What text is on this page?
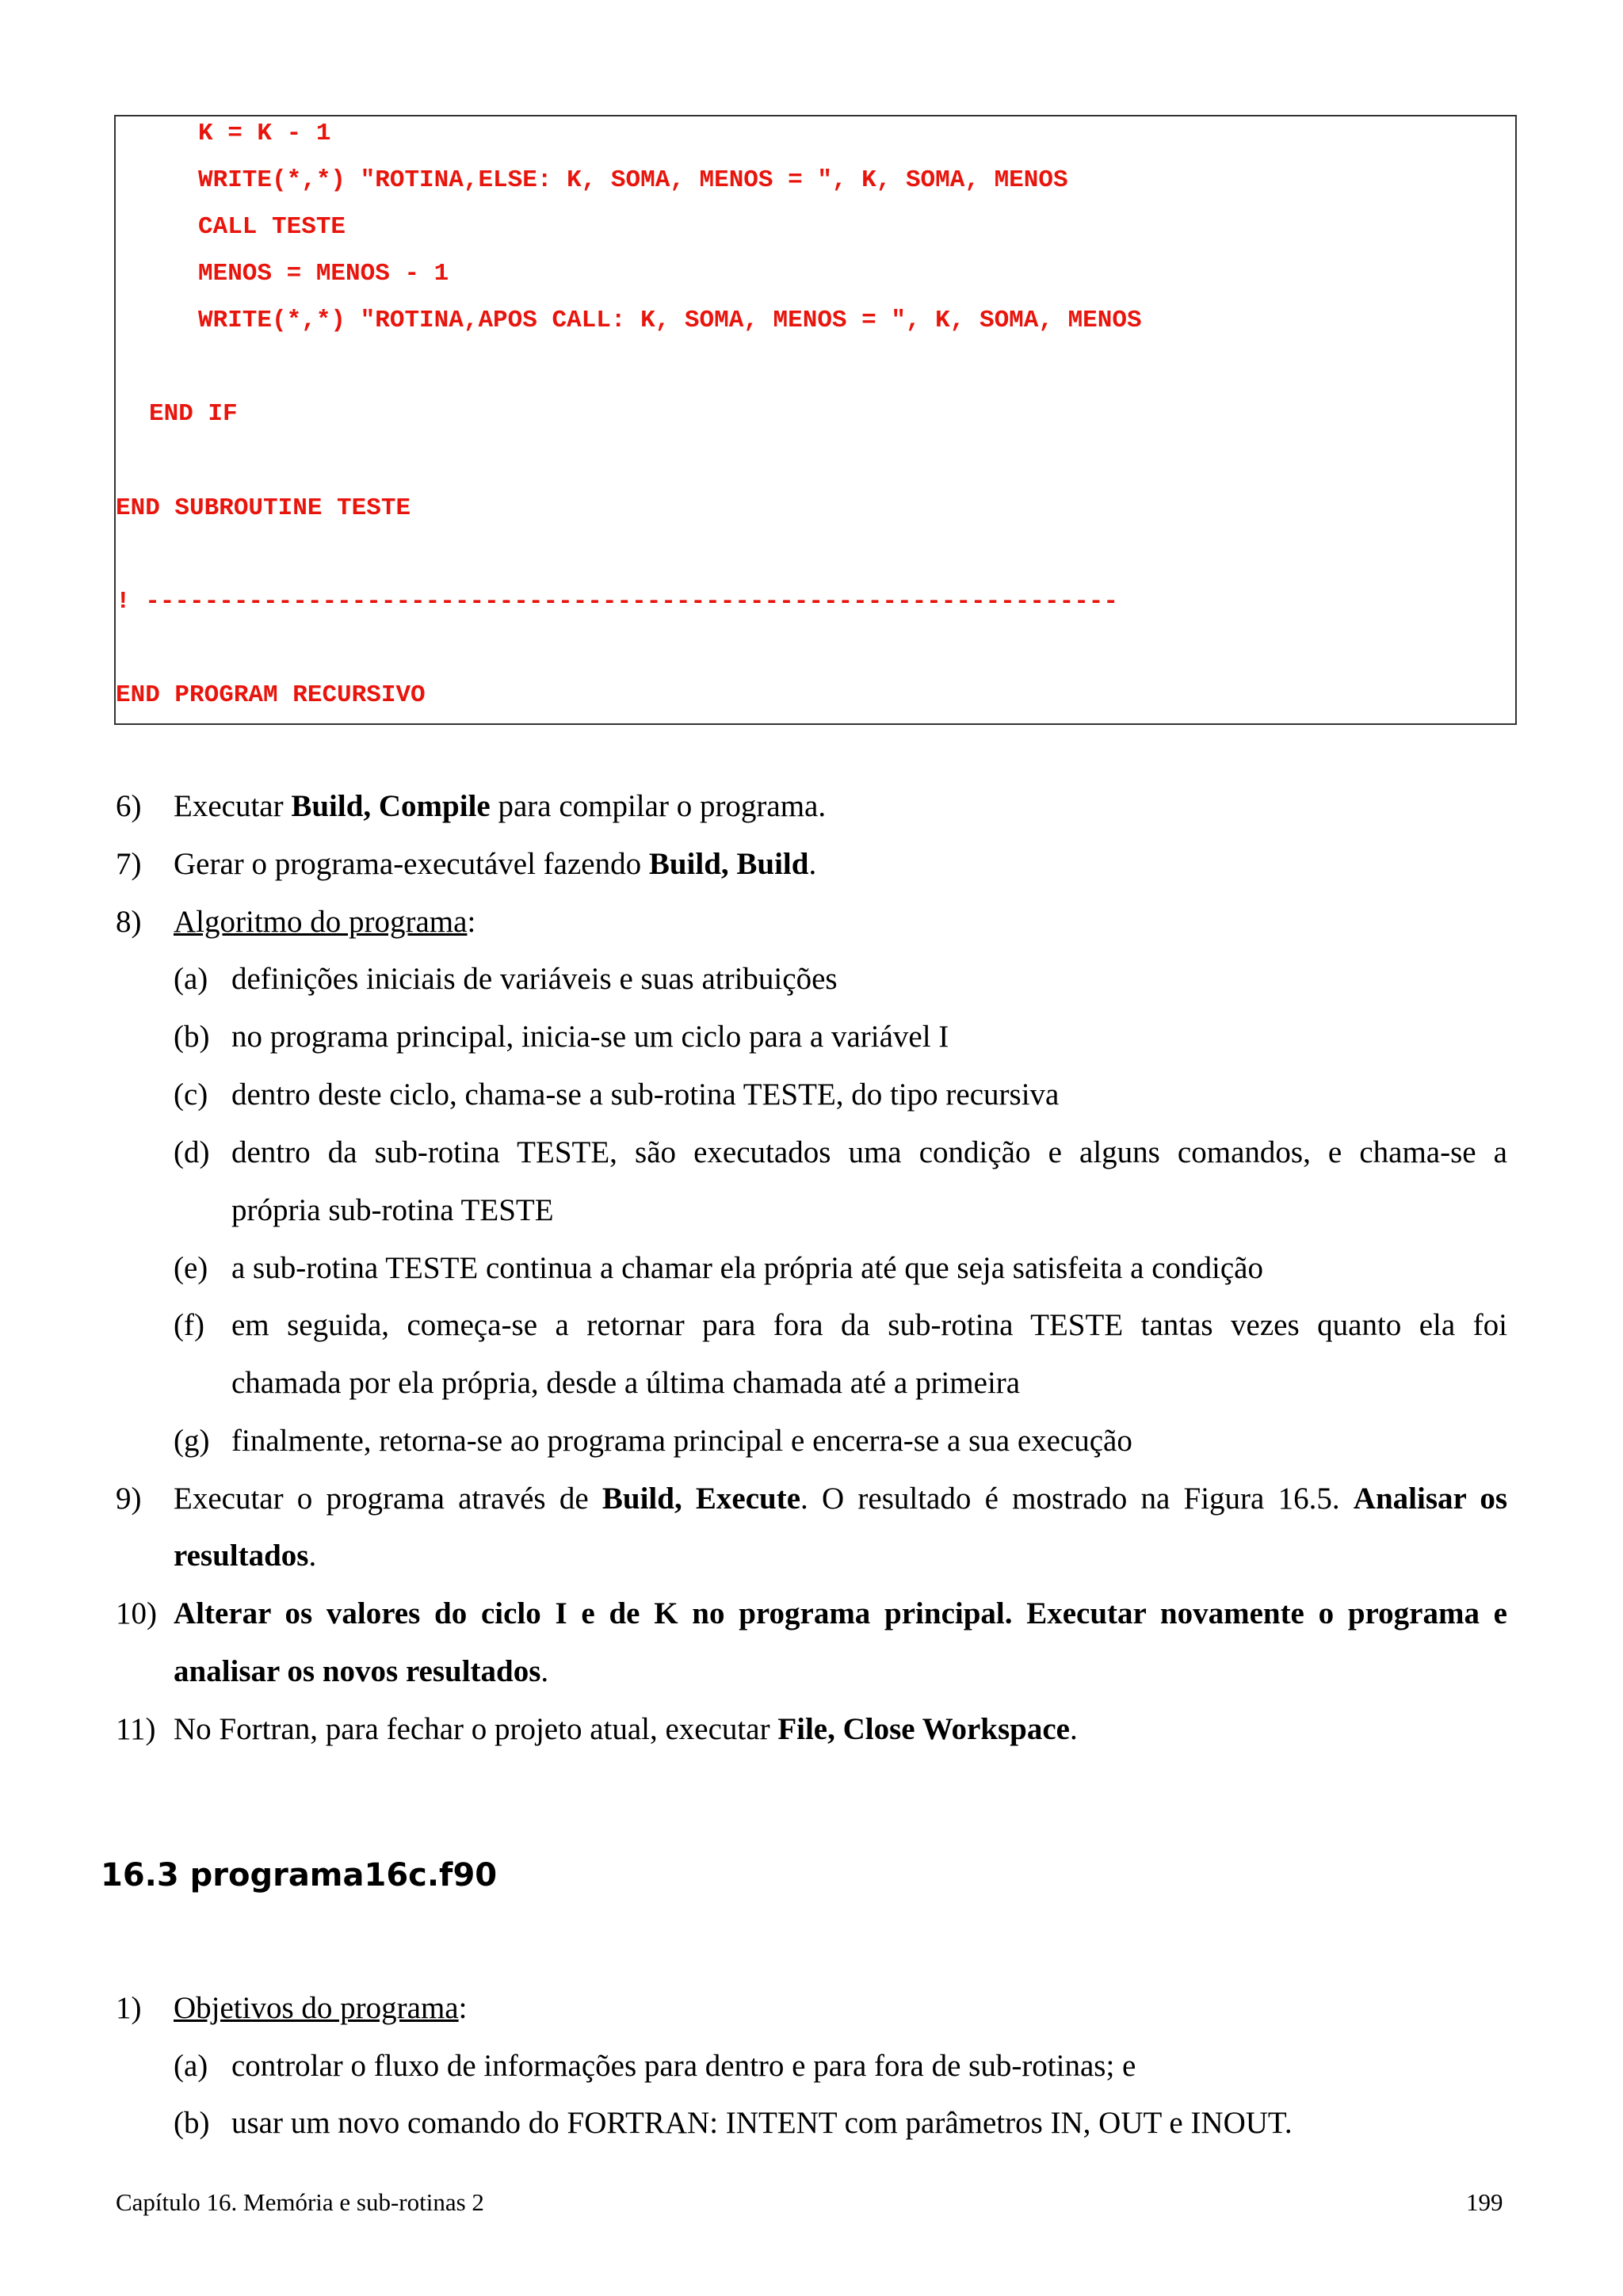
K = K - 1
WRITE(*,*) "ROTINA,ELSE: K, SOMA, MENOS = ", K, SOMA, MENOS
CALL TESTE
MENOS = MENOS - 1
WRITE(*,*) "ROTINA,APOS CALL: K, SOMA, MENOS = ", K, SOMA, MENOS
END IF
END SUBROUTINE TESTE
! ------------------------------------------------------------------
END PROGRAM RECURSIVO
6) Executar Build, Compile para compilar o programa.
7) Gerar o programa-executável fazendo Build, Build.
8) Algoritmo do programa:
(a) definições iniciais de variáveis e suas atribuições
(b) no programa principal, inicia-se um ciclo para a variável I
(c) dentro deste ciclo, chama-se a sub-rotina TESTE, do tipo recursiva
(d) dentro da sub-rotina TESTE, são executados uma condição e alguns comandos, e chama-se a
própria sub-rotina TESTE
(e) a sub-rotina TESTE continua a chamar ela própria até que seja satisfeita a condição
(f) em seguida, começa-se a retornar para fora da sub-rotina TESTE tantas vezes quanto ela foi
chamada por ela própria, desde a última chamada até a primeira
(g) finalmente, retorna-se ao programa principal e encerra-se a sua execução
9) Executar o programa através de Build, Execute. O resultado é mostrado na Figura 16.5. Analisar os
resultados.
10) Alterar os valores do ciclo I e de K no programa principal. Executar novamente o programa e
analisar os novos resultados.
11) No Fortran, para fechar o projeto atual, executar File, Close Workspace.
16.3 programa16c.f90
1) Objetivos do programa:
(a) controlar o fluxo de informações para dentro e para fora de sub-rotinas; e
(b) usar um novo comando do FORTRAN: INTENT com parâmetros IN, OUT e INOUT.
Capítulo 16. Memória e sub-rotinas 2	199
